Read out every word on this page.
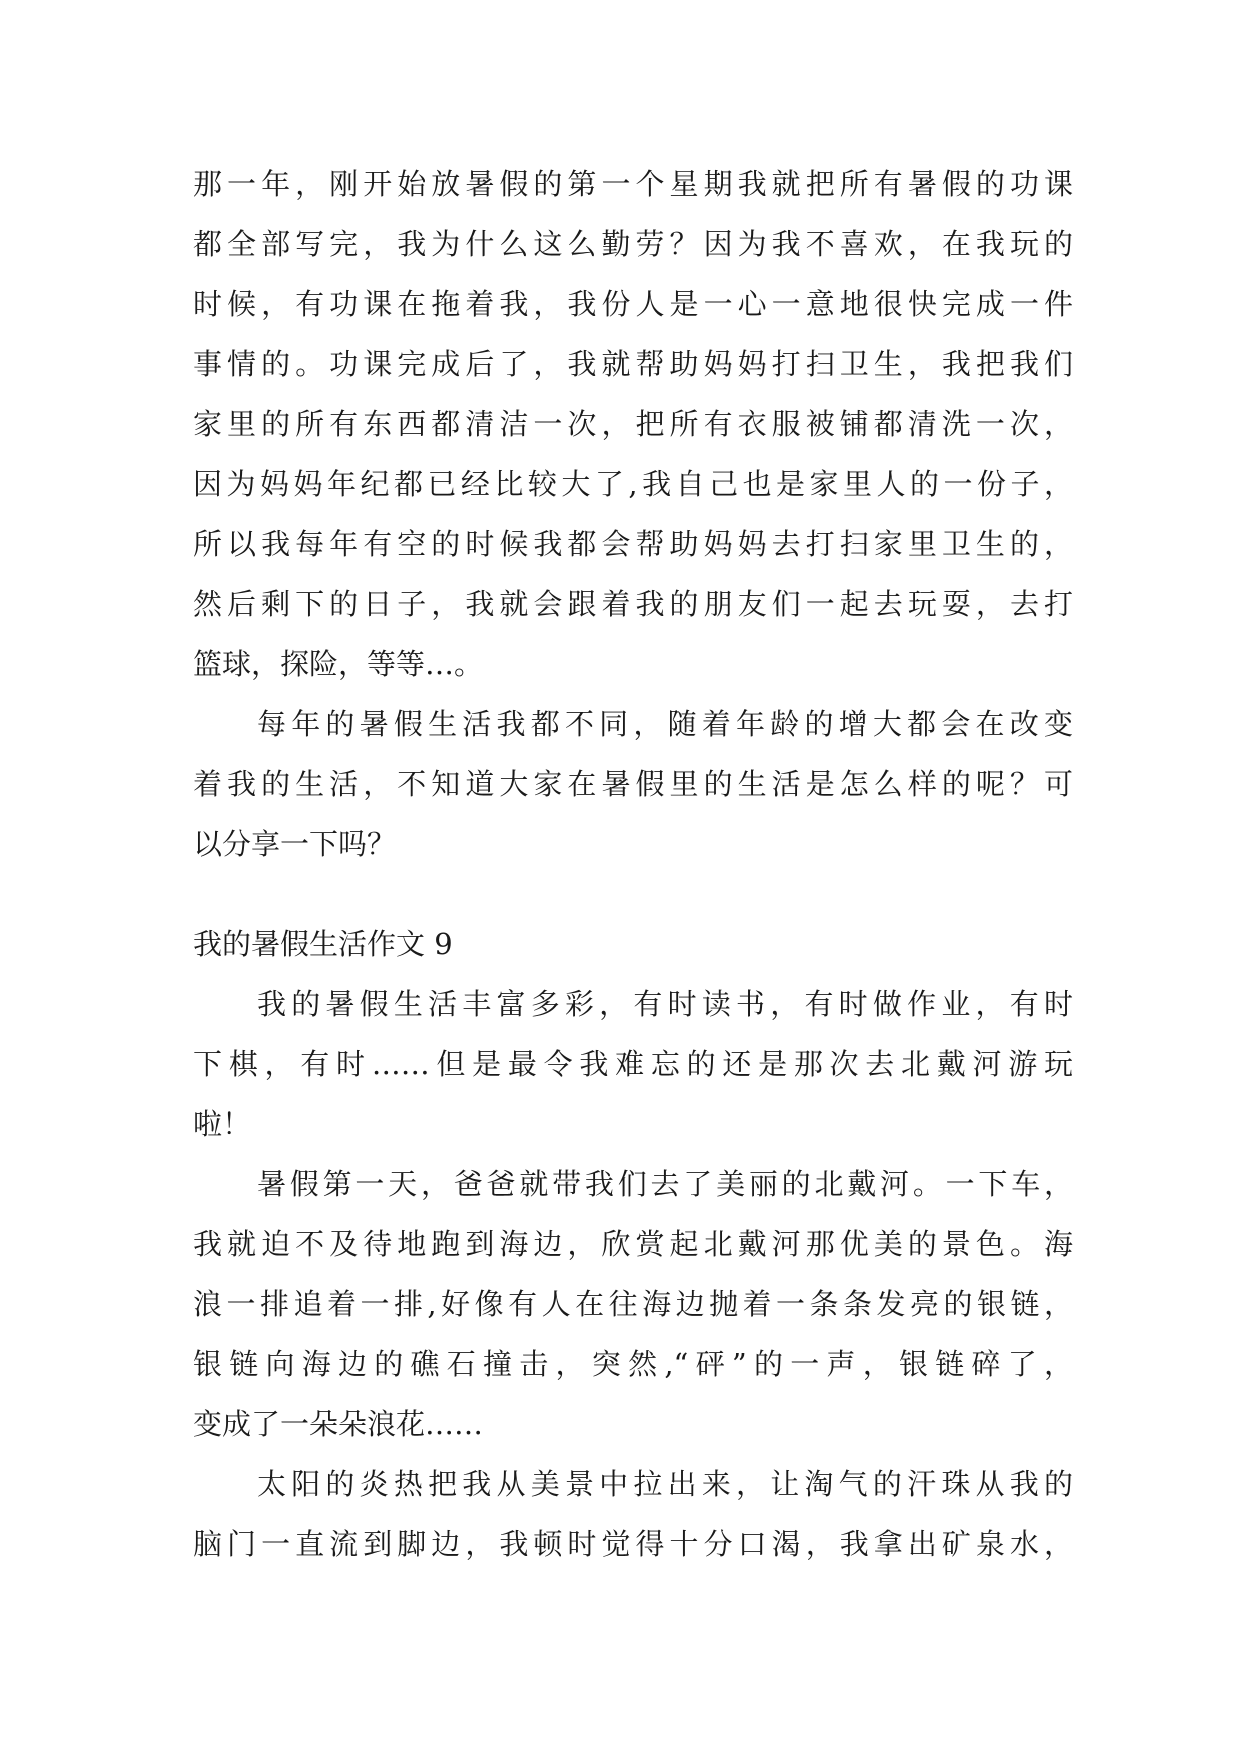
那一年，刚开始放暑假的第一个星期我就把所有暑假的功课
都全部写完，我为什么这么勤劳？因为我不喜欢，在我玩的
时候，有功课在拖着我，我份人是一心一意地很快完成一件
事情的。功课完成后了，我就帮助妈妈打扫卫生，我把我们
家里的所有东西都清洁一次，把所有衣服被铺都清洗一次，
因为妈妈年纪都已经比较大了,我自己也是家里人的一份子，
所以我每年有空的时候我都会帮助妈妈去打扫家里卫生的，
然后剩下的日子，我就会跟着我的朋友们一起去玩耍，去打
篮球，探险，等等…。
每年的暑假生活我都不同，随着年龄的增大都会在改变
着我的生活，不知道大家在暑假里的生活是怎么样的呢？可
以分享一下吗？
我的暑假生活作文 9
我的暑假生活丰富多彩，有时读书，有时做作业，有时
下棋，有时……但是最令我难忘的还是那次去北戴河游玩
啦！
暑假第一天，爸爸就带我们去了美丽的北戴河。一下车，
我就迫不及待地跑到海边，欣赏起北戴河那优美的景色。海
浪一排追着一排,好像有人在往海边抛着一条条发亮的银链，
银链向海边的礁石撞击，突然,“砰”的一声，银链碎了，
变成了一朵朵浪花……
太阳的炎热把我从美景中拉出来，让淘气的汗珠从我的
脑门一直流到脚边，我顿时觉得十分口渴，我拿出矿泉水，
